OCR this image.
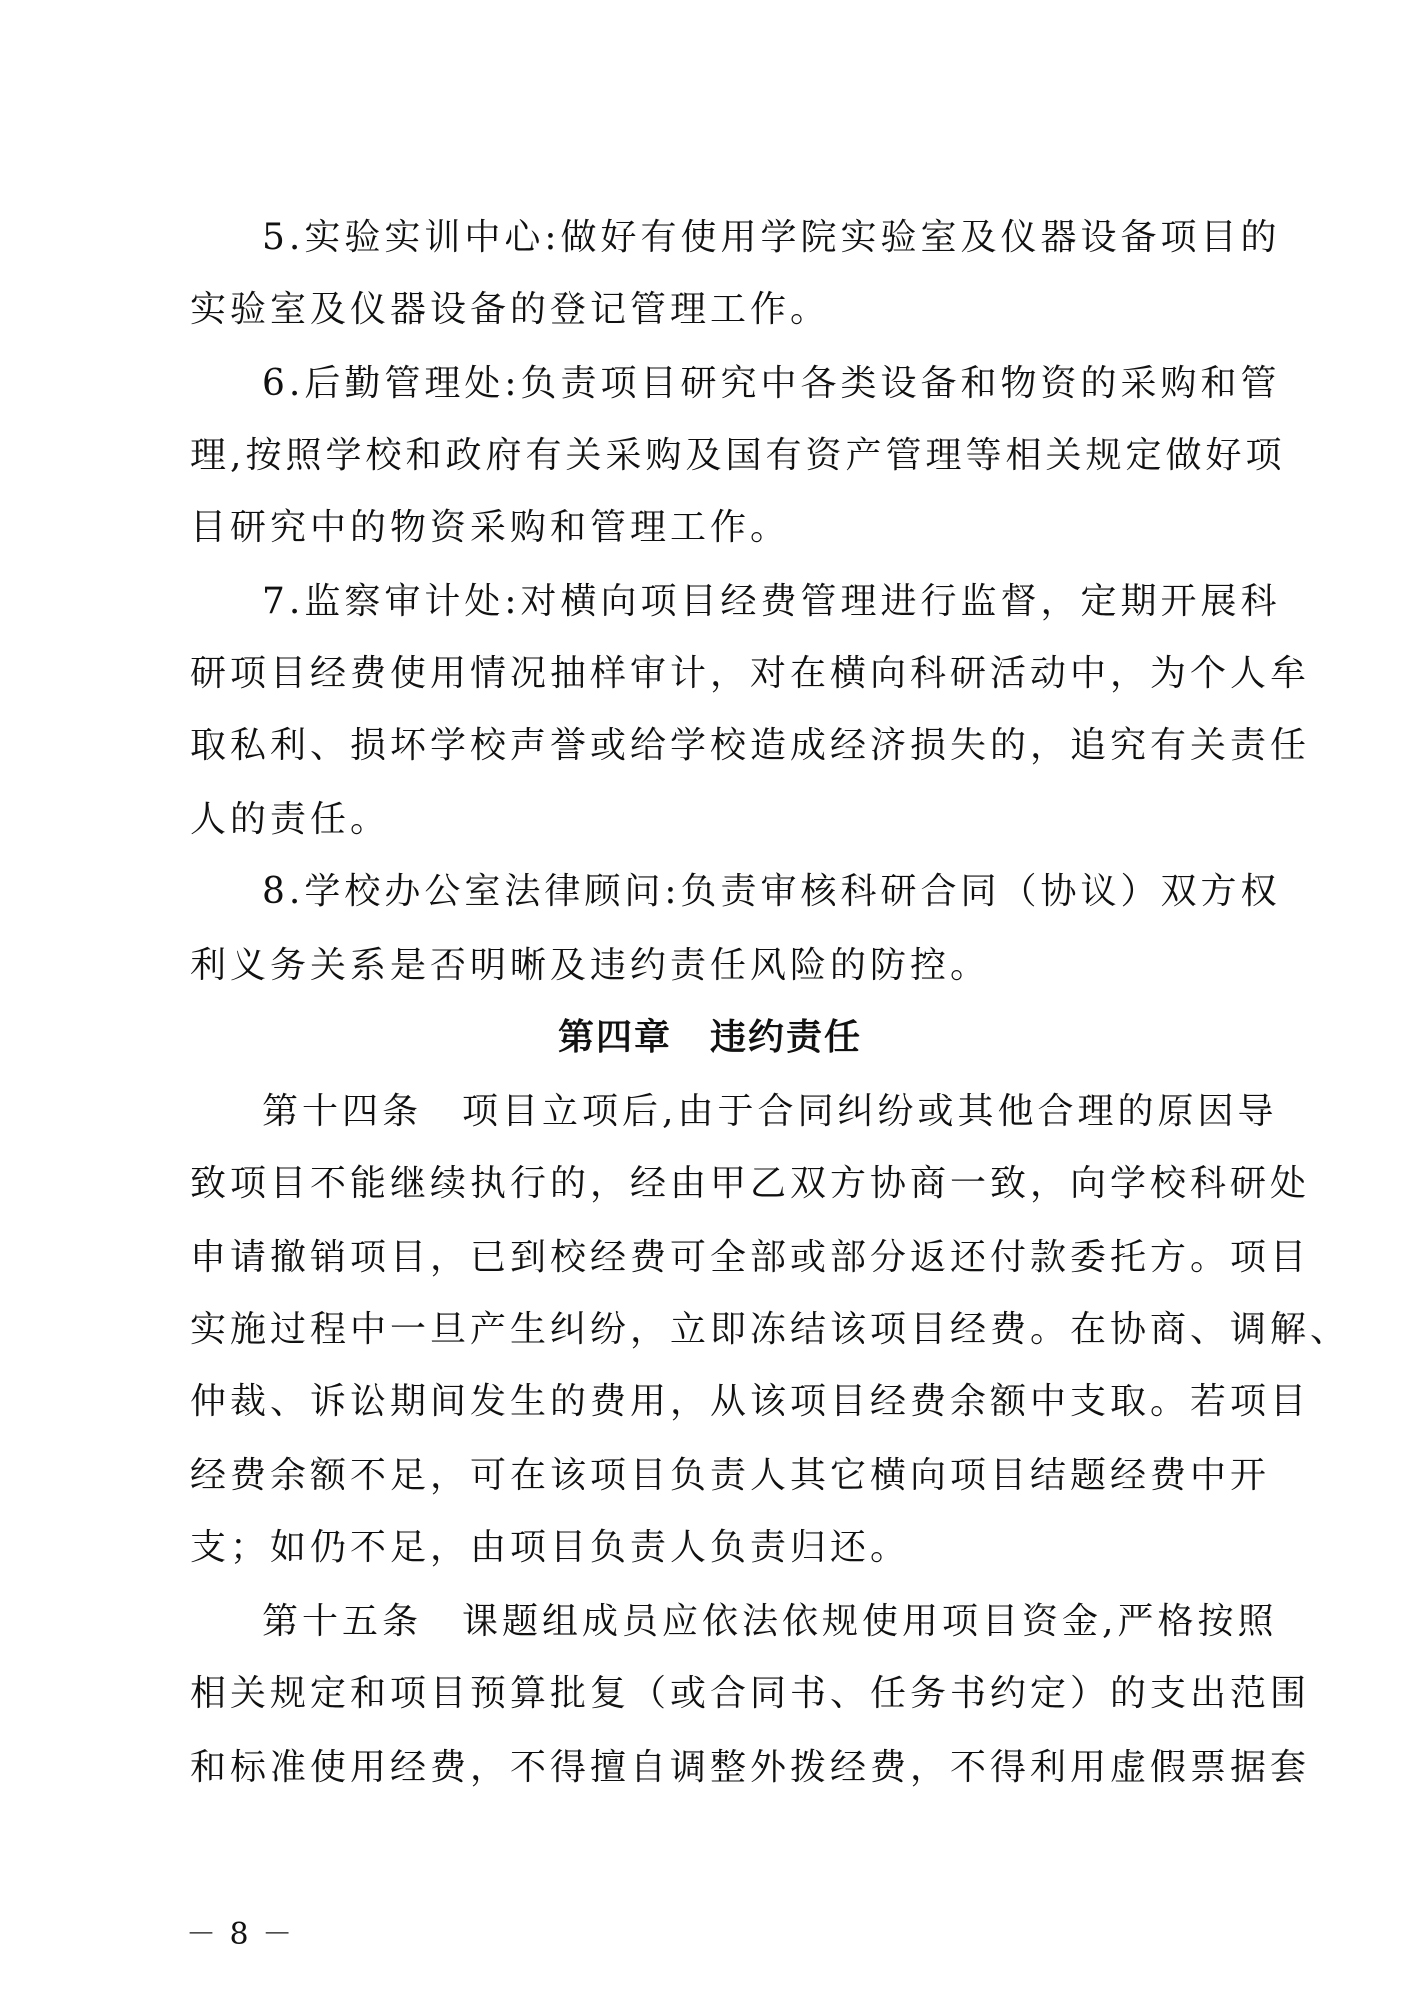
5.实验实训中心:做好有使用学院实验室及仪器设备项目的

实验室及仪器设备的登记管理工作。

6.后勤管理处:负责项目研究中各类设备和物资的采购和管

理,按照学校和政府有关采购及国有资产管理等相关规定做好项

目研究中的物资采购和管理工作。

7.监察审计处:对横向项目经费管理进行监督，定期开展科

研项目经费使用情况抽样审计，对在横向科研活动中，为个人牟

取私利、损坏学校声誉或给学校造成经济损失的，追究有关责任

人的责任。

8.学校办公室法律顾问:负责审核科研合同（协议）双方权

利义务关系是否明晰及违约责任风险的防控。

第四章　违约责任

第十四条　项目立项后,由于合同纠纷或其他合理的原因导

致项目不能继续执行的，经由甲乙双方协商一致，向学校科研处

申请撤销项目，已到校经费可全部或部分返还付款委托方。项目

实施过程中一旦产生纠纷，立即冻结该项目经费。在协商、调解、

仲裁、诉讼期间发生的费用，从该项目经费余额中支取。若项目

经费余额不足，可在该项目负责人其它横向项目结题经费中开

支；如仍不足，由项目负责人负责归还。

第十五条　课题组成员应依法依规使用项目资金,严格按照

相关规定和项目预算批复（或合同书、任务书约定）的支出范围

和标准使用经费，不得擅自调整外拨经费，不得利用虚假票据套

－ 8 －
